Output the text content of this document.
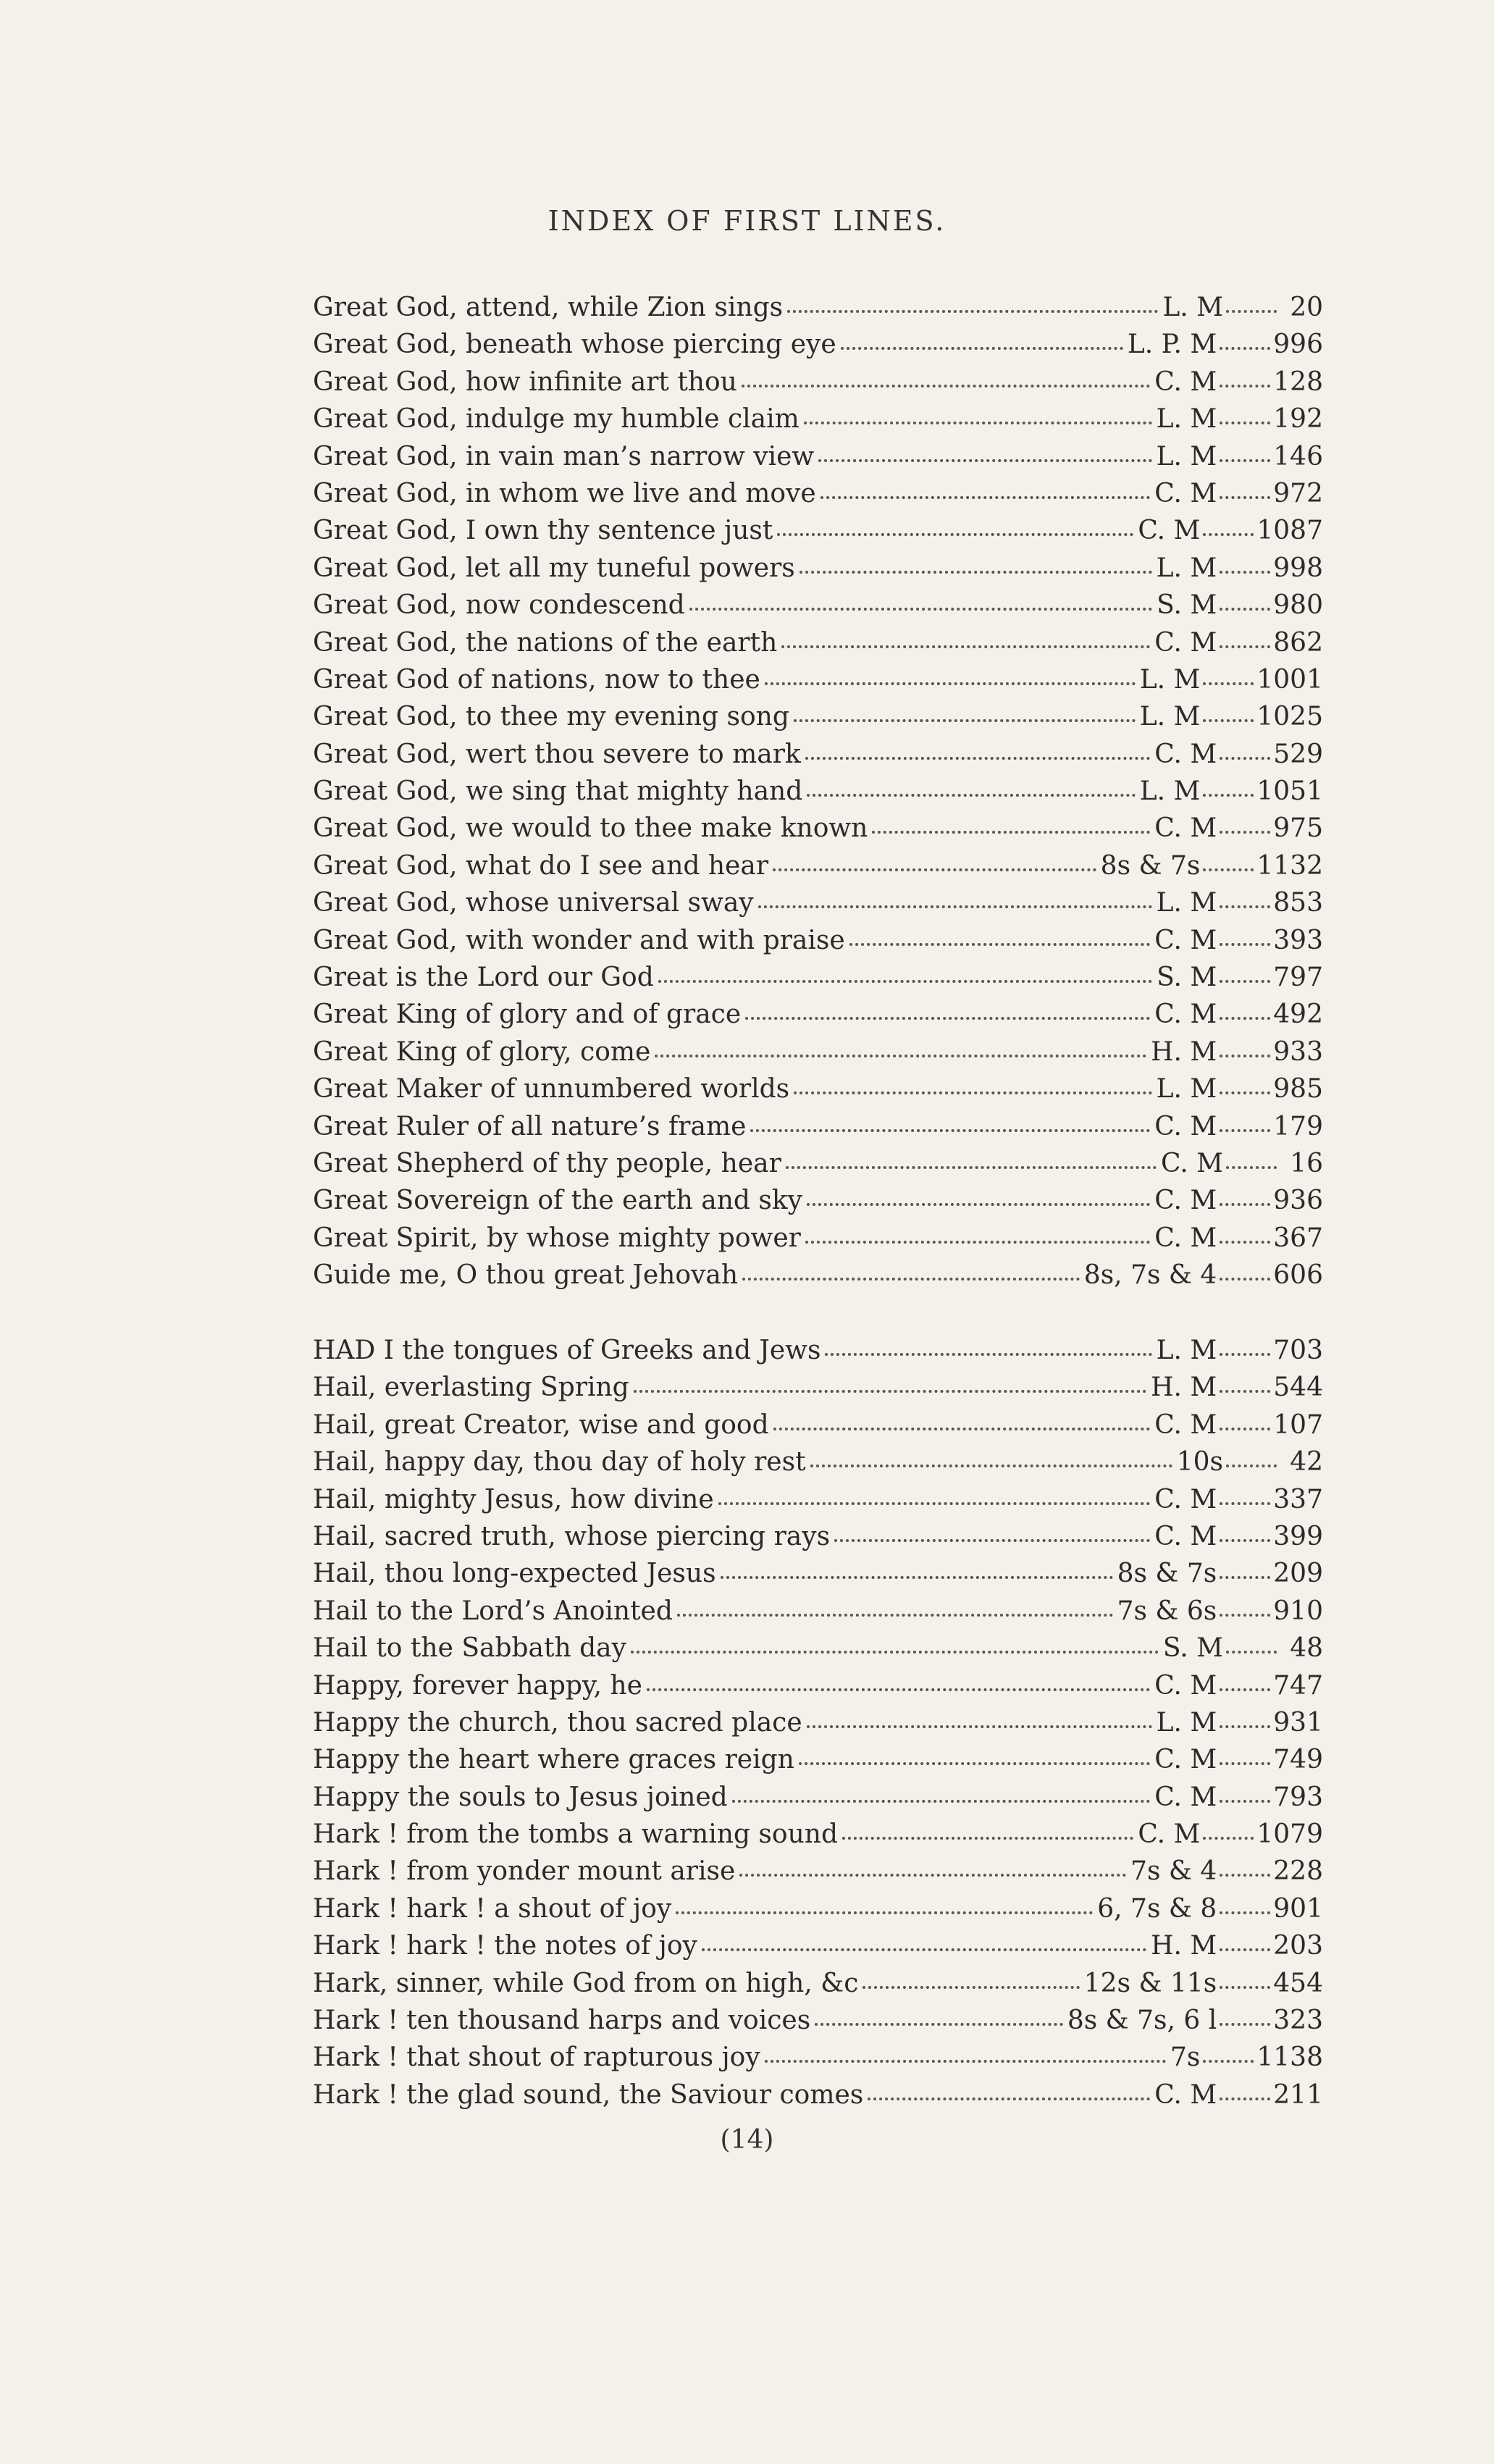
INDEX OF FIRST LINES.
Great God, attend, while Zion sings	L. M	20
Great God, beneath whose piercing eye	L. P. M 996
Great God, how infinite art thou	C. M 128
Great God, indulge my humble claim	L. M 192
Great God, in vain man’s narrow view	L. M 146
Great God, in whom we live and move	C. M 972
Great God, I own thy sentence just	C. M 1087
Great God, let all my tuneful powers	L. M 998
Great God, now condescend	S. M 980
Great God, the nations of the earth	C. M 862
Great God of nations, now to thee	L. M 1001
Great God, to thee my evening song	L. M 1025
Great God, wert thou severe to mark	C. M 529
Great God, we sing that mighty hand	L. M 1051
Great God, we would to thee make known	C. M 975
Great God, what do I see and hear	8s & 7s 1132
Great God, whose universal sway	L. M 853
Great God, with wonder and with praise	C. M 393
Great is the Lord our God	S. M 797
Great King of glory and of grace	C. M 492
Great King of glory, come	H. M 933
Great Maker of unnumbered worlds	L. M 985
Great Ruler of all nature’s frame	C. M 179
Great Shepherd of thy people, hear	C. M	16
Great Sovereign of the earth and sky	C. M 936
Great Spirit, by whose mighty power	C. M 367
Guide me, O thou great Jehovah	8s, 7s & 4 606
HAD I the tongues of Greeks and Jews	L. M 703
Hail, everlasting Spring	H. M 544
Hail, great Creator, wise and good	C. M 107
Hail, happy day, thou day of holy rest	10s	42
Hail, mighty Jesus, how divine	C. M 337
Hail, sacred truth, whose piercing rays	C. M 399
Hail, thou long-expected Jesus	8s & 7s 209
Hail to the Lord’s Anointed	7s & 6s 910
Hail to the Sabbath day	S. M	48
Happy, forever happy, he	C. M 747
Happy the church, thou sacred place	L. M 931
Happy the heart where graces reign	C. M 749
Happy the souls to Jesus joined	C. M 793
Hark ! from the tombs a warning sound	C. M 1079
Hark ! from yonder mount arise	7s & 4 228
Hark ! hark ! a shout of joy	6, 7s & 8 901
Hark ! hark ! the notes of joy	H. M 203
Hark, sinner, while God from on high, &c	12s & 11s 454
Hark ! ten thousand harps and voices	8s & 7s, 6 l 323
Hark ! that shout of rapturous joy	7s 1138
Hark ! the glad sound, the Saviour comes	C. M 211
(14)
